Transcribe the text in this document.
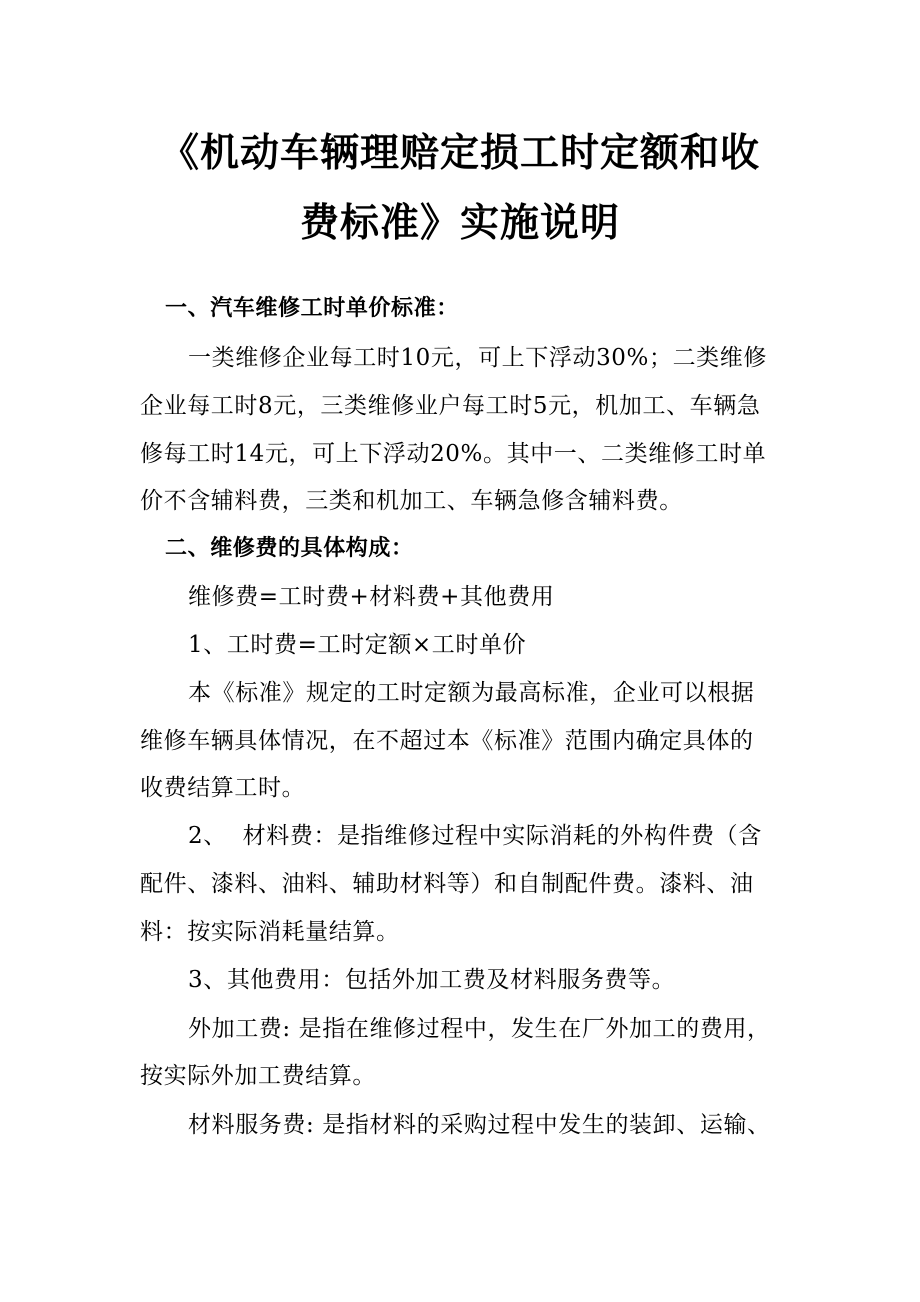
《机动车辆理赔定损工时定额和收
费标准》实施说明
一、汽车维修工时单价标准：
一类维修企业每工时10元，可上下浮动30%；二类维修
企业每工时8元，三类维修业户每工时5元，机加工、车辆急
修每工时14元，可上下浮动20%。其中一、二类维修工时单
价不含辅料费，三类和机加工、车辆急修含辅料费。
二、维修费的具体构成：
维修费=工时费+材料费+其他费用
1、工时费=工时定额×工时单价
本《标准》规定的工时定额为最高标准，企业可以根据
维修车辆具体情况，在不超过本《标准》范围内确定具体的
收费结算工时。
2、  材料费：是指维修过程中实际消耗的外构件费（含
配件、漆料、油料、辅助材料等）和自制配件费。漆料、油
料：按实际消耗量结算。
3、其他费用：包括外加工费及材料服务费等。
外加工费: 是指在维修过程中，发生在厂外加工的费用，
按实际外加工费结算。
材料服务费: 是指材料的采购过程中发生的装卸、运输、
